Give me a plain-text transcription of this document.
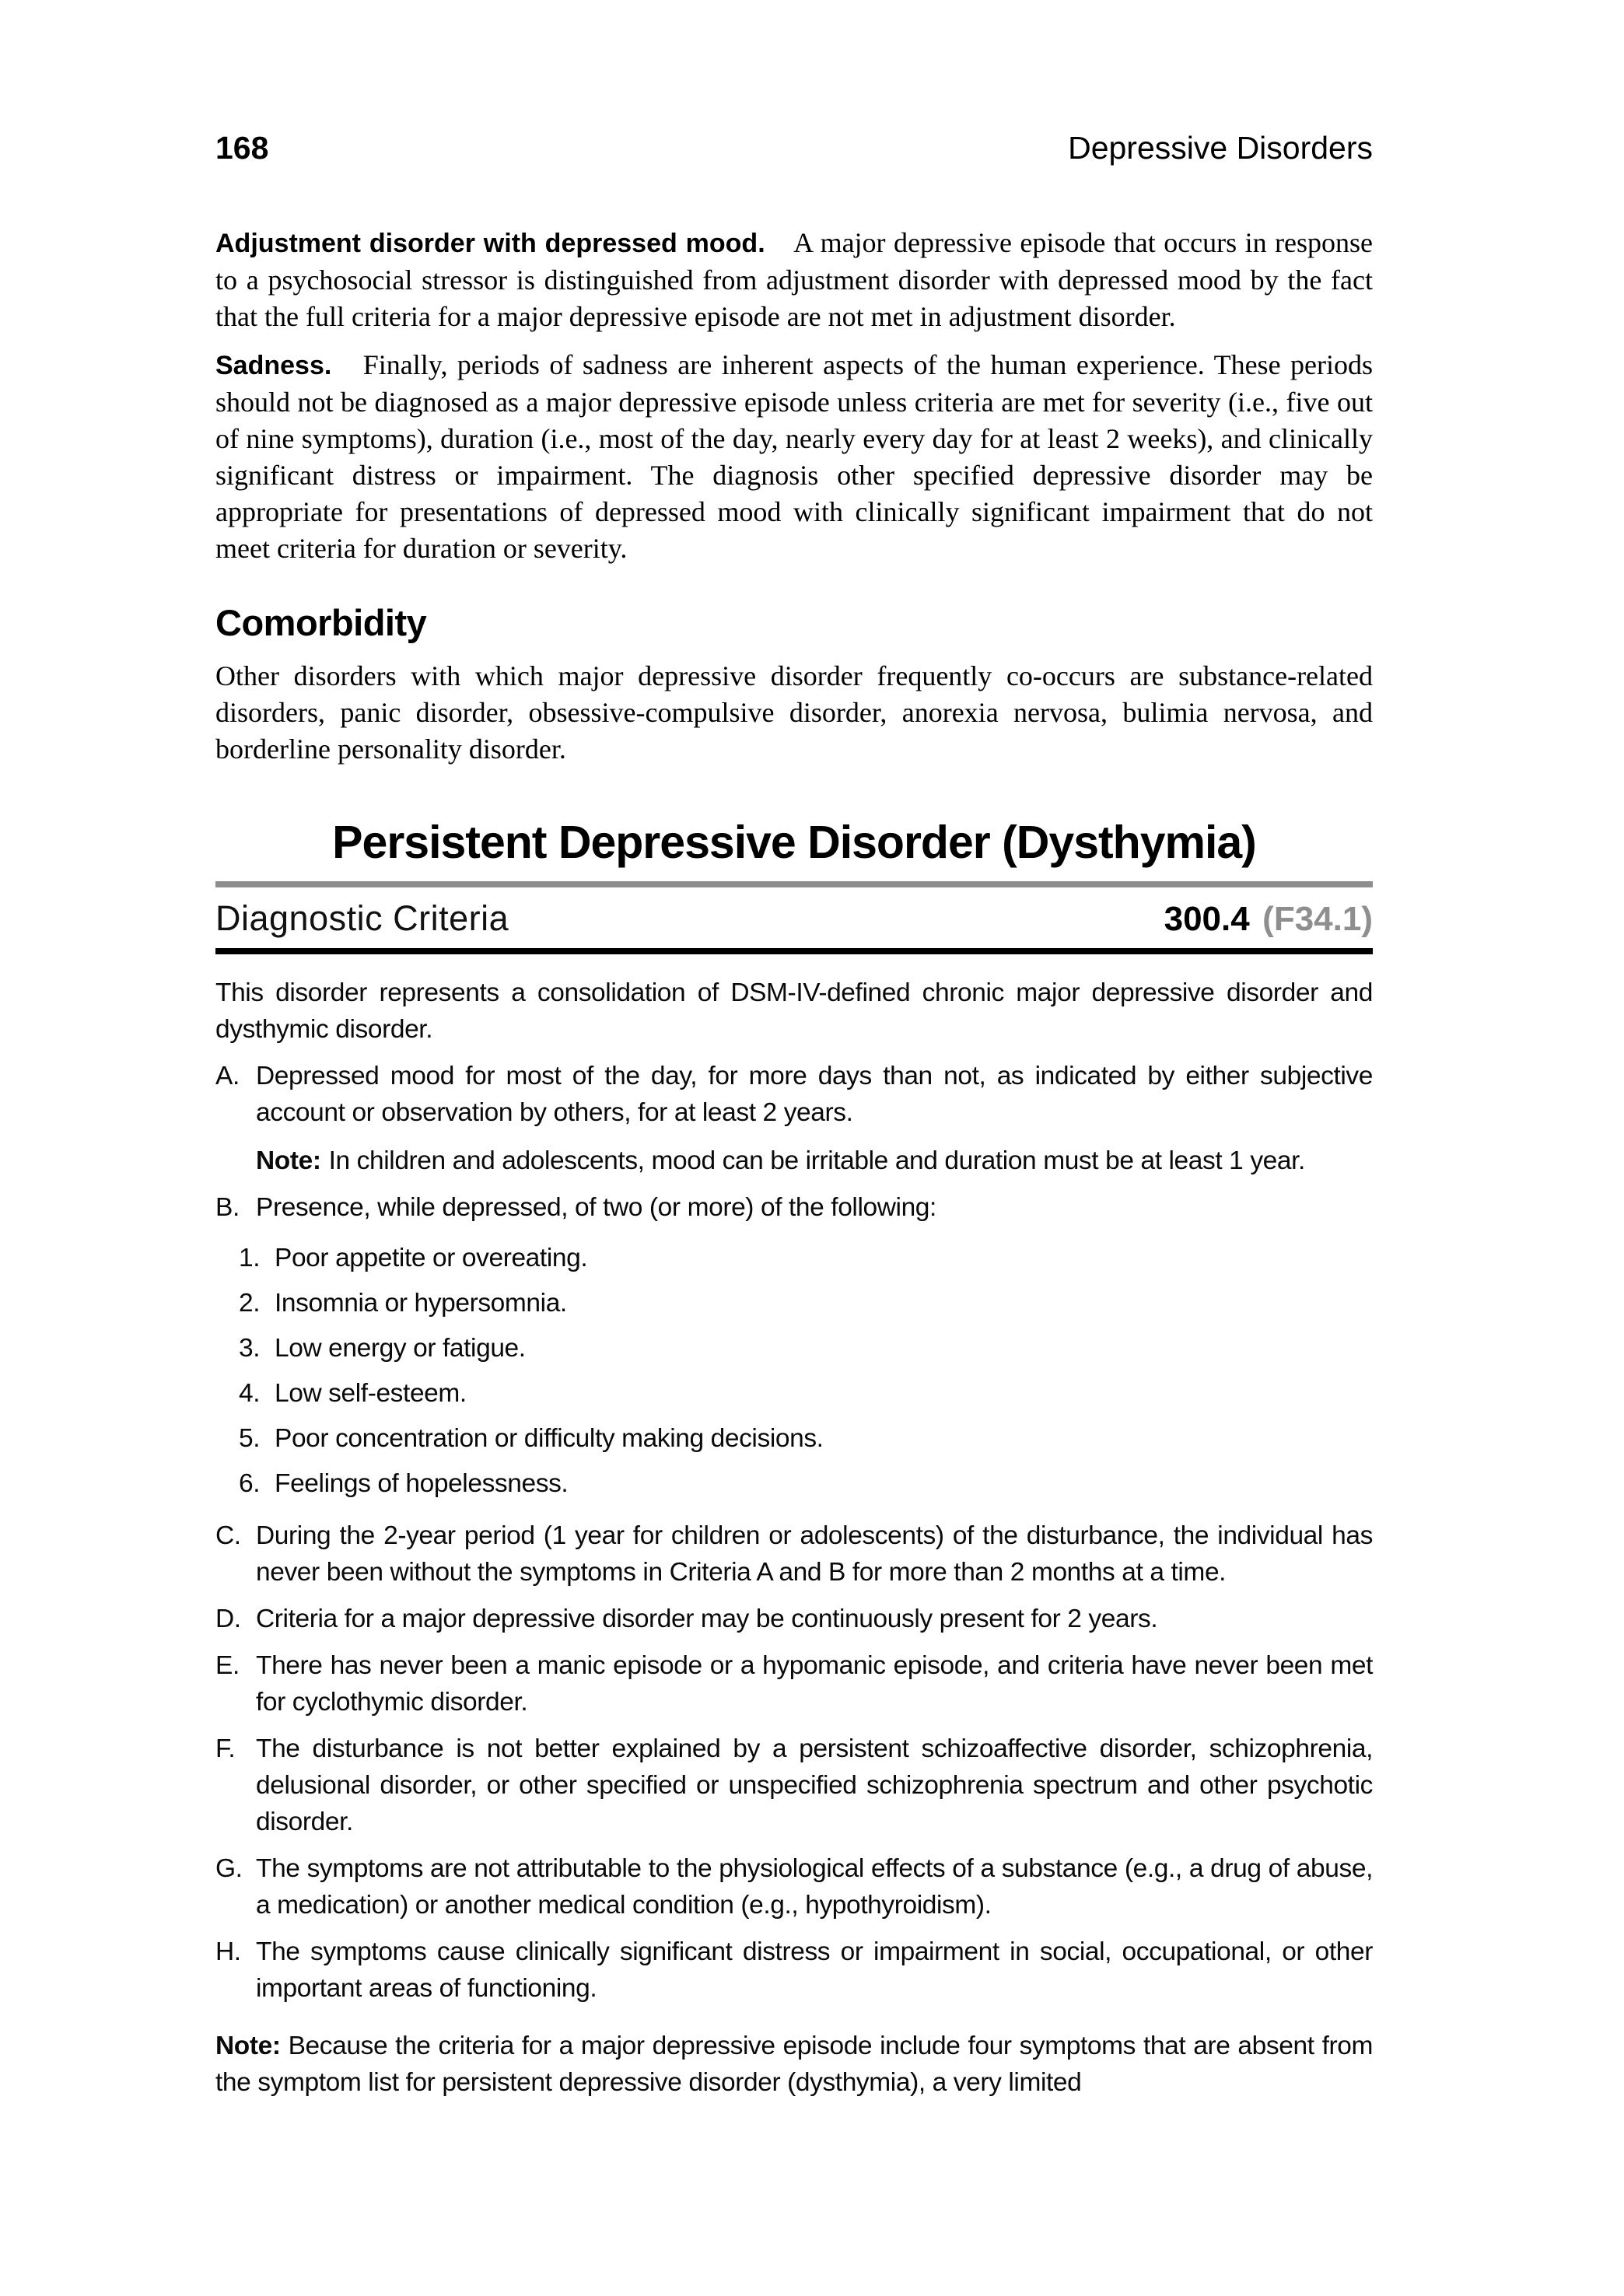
168	Depressive Disorders

Adjustment disorder with depressed mood. A major depressive episode that occurs in response to a psychosocial stressor is distinguished from adjustment disorder with depressed mood by the fact that the full criteria for a major depressive episode are not met in adjustment disorder.

Sadness. Finally, periods of sadness are inherent aspects of the human experience. These periods should not be diagnosed as a major depressive episode unless criteria are met for severity (i.e., five out of nine symptoms), duration (i.e., most of the day, nearly every day for at least 2 weeks), and clinically significant distress or impairment. The diagnosis other specified depressive disorder may be appropriate for presentations of depressed mood with clinically significant impairment that do not meet criteria for duration or severity.

Comorbidity

Other disorders with which major depressive disorder frequently co-occurs are substance-related disorders, panic disorder, obsessive-compulsive disorder, anorexia nervosa, bulimia nervosa, and borderline personality disorder.

Persistent Depressive Disorder (Dysthymia)
Diagnostic Criteria	300.4 (F34.1)

This disorder represents a consolidation of DSM-IV-defined chronic major depressive disorder and dysthymic disorder.

A. Depressed mood for most of the day, for more days than not, as indicated by either subjective account or observation by others, for at least 2 years.

Note: In children and adolescents, mood can be irritable and duration must be at least 1 year.

B. Presence, while depressed, of two (or more) of the following:

1. Poor appetite or overeating.
2. Insomnia or hypersomnia.
3. Low energy or fatigue.
4. Low self-esteem.
5. Poor concentration or difficulty making decisions.
6. Feelings of hopelessness.
C. During the 2-year period (1 year for children or adolescents) of the disturbance, the individual has never been without the symptoms in Criteria A and B for more than 2 months at a time.

D. Criteria for a major depressive disorder may be continuously present for 2 years.

E. There has never been a manic episode or a hypomanic episode, and criteria have never been met for cyclothymic disorder.

F. The disturbance is not better explained by a persistent schizoaffective disorder, schizophrenia, delusional disorder, or other specified or unspecified schizophrenia spectrum and other psychotic disorder.

G. The symptoms are not attributable to the physiological effects of a substance (e.g., a drug of abuse, a medication) or another medical condition (e.g., hypothyroidism).

H. The symptoms cause clinically significant distress or impairment in social, occupational, or other important areas of functioning.

Note: Because the criteria for a major depressive episode include four symptoms that are absent from the symptom list for persistent depressive disorder (dysthymia), a very limited
